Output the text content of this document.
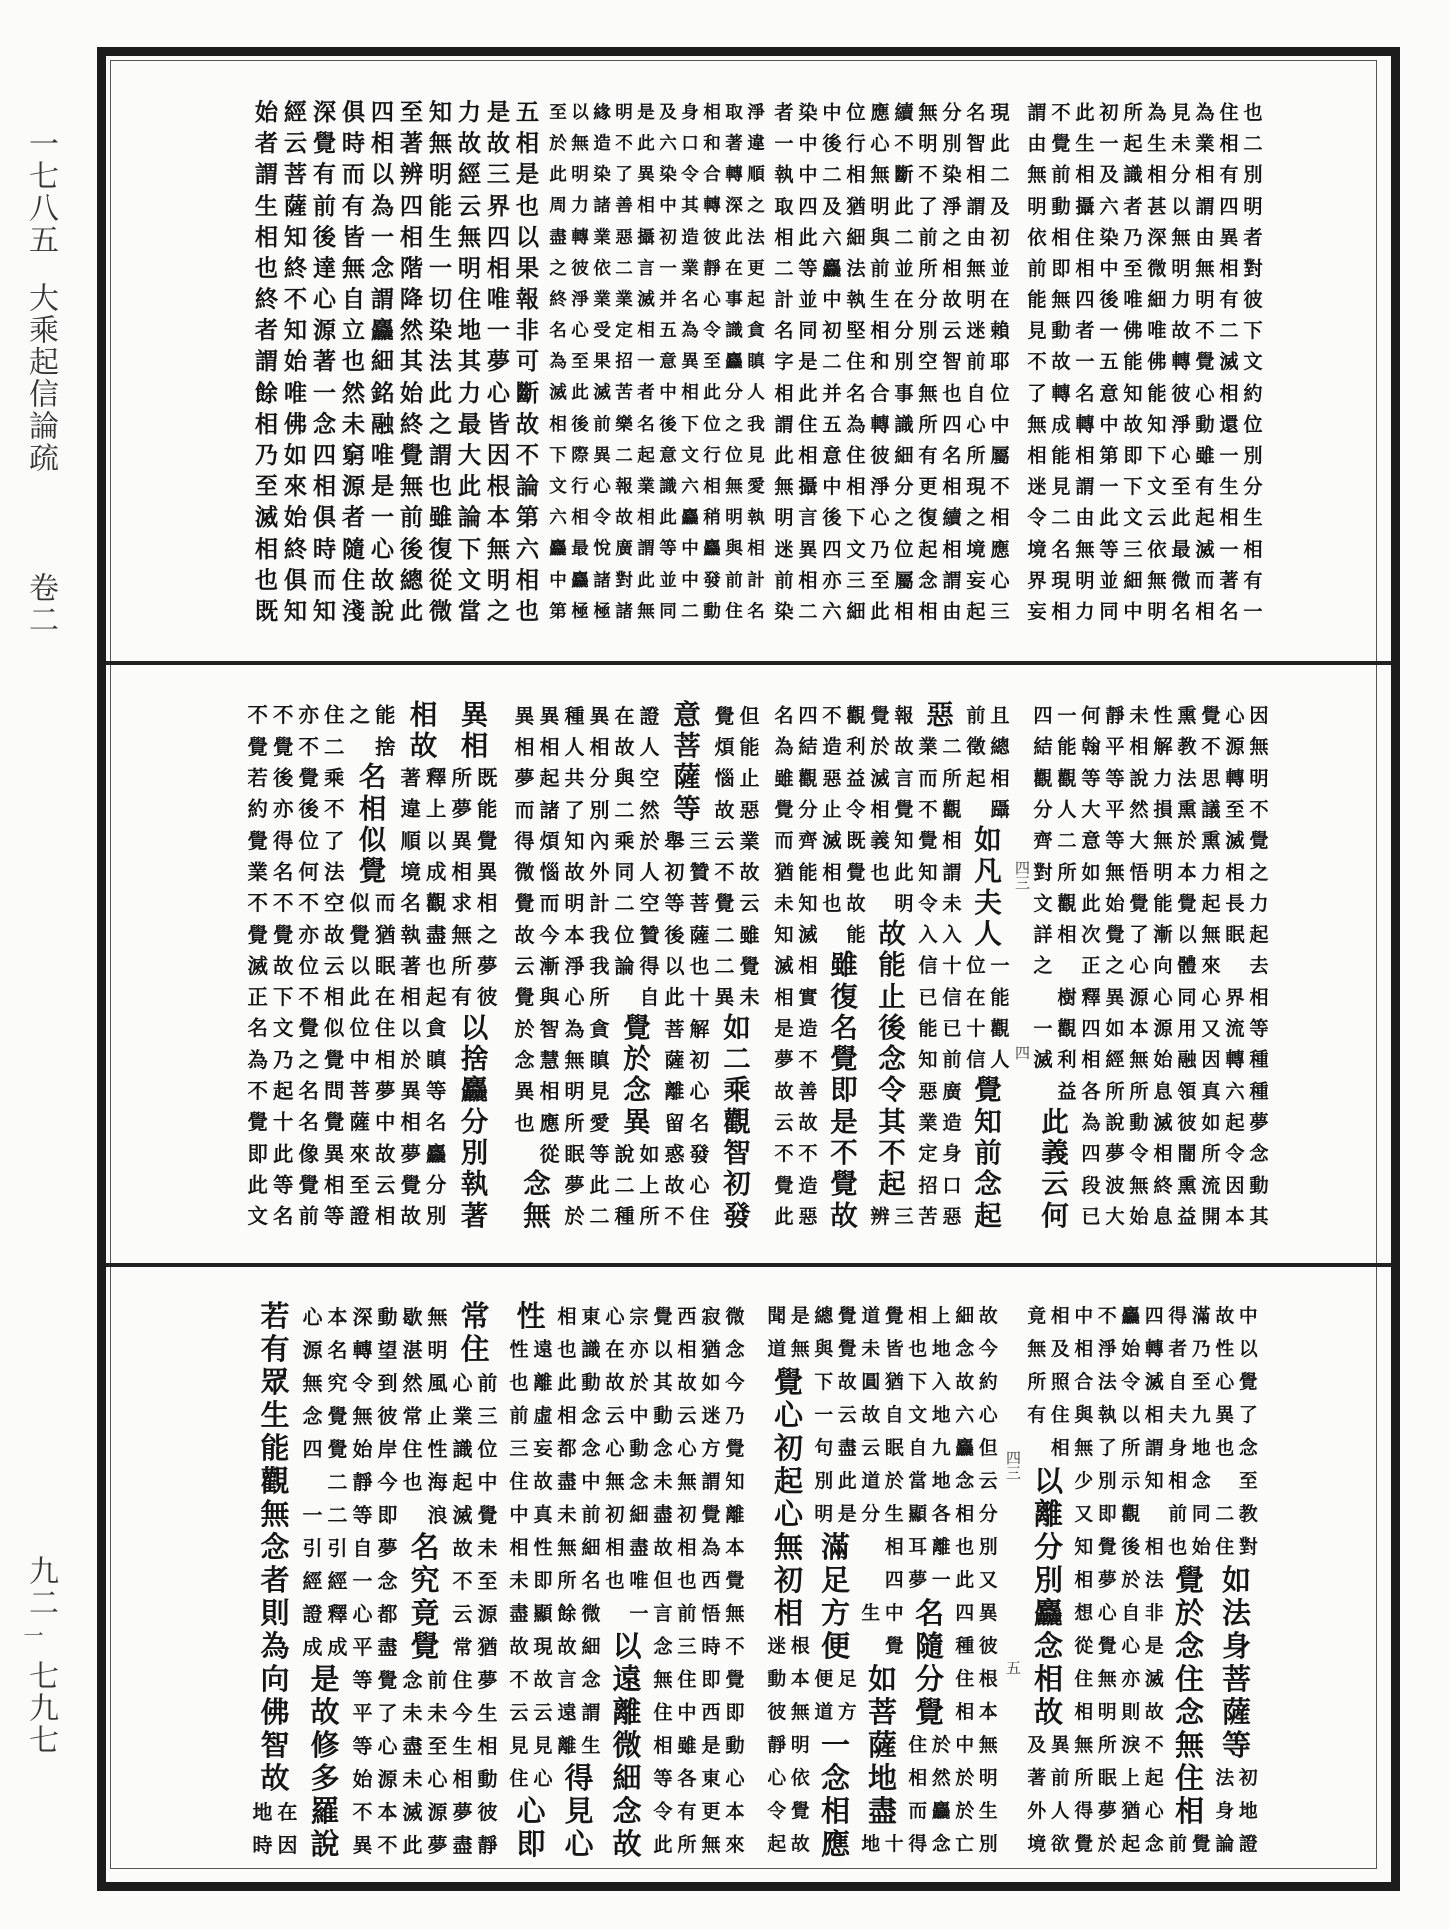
一七八五
大乘起信論疏
卷二
九二
一
七九七
謂 不 此 初 所 為 見 為 住 也
由 覺 生 一 起 生 未 業 相 二
無 前 相 及 識 相 分 相 有 別
明 動 攝 六 者 甚 以 謂 四 明
依 相 住 染 乃 深 無 由 異 者
前 即 相 中 至 微 明 無 相 對
能 無 四 後 唯 細 力 明 有 彼
見 動 者 一 佛 唯 故 不 二 下
不 故 一 五 能 佛 轉 覺 滅 文
了 轉 名 意 知 能 彼 心 相 約
無 成 轉 中 故 知 淨 動 還 位
相 能 相 第 即 下 心 雖 一 別
迷 見 謂 一 下 文 至 有 生 分
令 二 由 此 文 云 此 起 相 生
境 名 無 等 三 依 最 滅 一 相
界 現 明 並 細 無 微 而 著 有
妄 相 力 同 中 明 名 相 名 一
者 染 中 位 應 續 無 分 名 現
一 中 後 行 心 不 明 別 智 此
執 中 二 相 無 斷 不 染 相 二
取 四 及 猶 明 此 了 淨 謂 及
相 此 六 細 與 二 前 之 由 初
二 等 麤 法 前 並 所 相 無 並
計 並 中 執 生 在 分 故 明 在
名 同 初 堅 相 分 別 云 迷 賴
字 是 二 住 和 別 空 智 前 耶
相 此 并 名 合 事 無 也 自 位
謂 住 五 為 轉 識 所 四 心 中
此 相 意 住 彼 細 有 名 所 屬
無 攝 中 相 淨 分 更 相 現 不
明 言 後 下 心 之 復 續 之 相
迷 異 四 文 乃 位 起 相 境 應
前 相 亦 三 至 屬 念 謂 妄 心
染 二 六 細 此 相 相 由 起 三
至 以 緣 明 是 及 身 相 取 淨
於 無 造 不 此 六 口 和 著 違
此 明 染 了 異 染 令 合 轉 順
周 力 諸 善 相 中 其 轉 深 之
盡 轉 業 惡 攝 初 造 彼 此 法
之 彼 依 二 言 一 業 靜 在 更
終 淨 業 業 滅 并 名 心 事 起
名 心 受 定 相 五 為 令 識 貪
為 至 果 招 一 意 異 至 麤 瞋
滅 此 滅 苦 者 中 相 此 分 人
相 後 前 樂 名 後 下 位 之 我
下 際 異 二 起 意 文 行 位 見
文 行 心 報 業 識 六 相 無 愛
六 相 令 故 相 此 麤 稍 明 執
麤 最 悅 廣 謂 等 中 麤 與 相
中 麤 諸 對 此 並 中 發 前 計
第 極 極 諸 無 同 二 動 住 名
始 經 深 俱 四 至 知 力 是 五
者 云 覺 時 相 著 無 故 故 相
謂 菩 有 而 以 辨 明 經 三 是
生 薩 前 有 為 四 能 云 界 也
相 知 後 皆 一 相 生 無 四 以
也 終 達 無 念 階 一 明 相 果
終 不 心 自 謂 降 切 住 唯 報
者 知 源 立 麤 然 染 地 一 非
謂 始 著 也 細 其 法 其 夢 可
餘 唯 一 然 銘 始 此 力 心 斷
相 佛 念 未 融 終 之 最 皆 故
乃 如 四 窮 唯 覺 謂 大 因 不
至 來 相 源 是 無 也 此 根 論
滅 始 俱 者 一 前 雖 論 本 第
相 終 時 隨 心 後 復 下 無 六
也 俱 而 住 故 總 從 文 明 相
既 知 知 淺 說 此 微 當 之 也
四 一 何 靜 未 性 熏 覺 心 因
結 能 翰 平 相 解 教 不 源 無
觀 觀 等 等 說 力 法 思 轉 明
分 人 大 平 然 損 熏 議 至 不
齊 二 意 等 大 無 於 熏 滅 覺
對 所 如 無 悟 明 本 力 相 之
文 觀 此 始 覺 能 覺 起 長 力
詳 相 次 覺 了 漸 以 無 眠 起
之 正 之 心 向 體 來 去
樹 釋 異 源 心 同 心 界 相
一 觀 四 如 本 源 用 又 流 等
滅 利 相 經 無 始 融 因 轉 種
益 各 所 所 息 領 真 六 種
此 為 說 動 滅 彼 如 起 夢
義 四 夢 令 相 闇 所 令 念
云 段 波 無 終 熏 流 因 動
何 已 大 始 息 益 開 本 其
名 四 不 觀 覺 報 惡 前 且
為 結 造 利 於 故 業 二 徵 總
雖 觀 惡 益 滅 言 而 所 起 相
覺 分 止 令 相 覺 不 觀 躡
而 齊 滅 既 義 知 覺 相 如
猶 能 相 覺 也 此 知 謂 凡
未 知 也 故 明 令 未 夫
知 滅 能 故 入 入 人
滅 相 雖 能 信 十 位 一
相 實 復 止 已 信 在 能
是 造 名 後 能 已 十 觀
夢 不 覺 念 知 前 信 人
故 善 即 令 惡 廣 覺
云 故 是 其 業 造 知
不 不 不 不 定 身 前
覺 造 覺 起 招 口 念
此 惡 故 辨 三 苦 惡 起
異 異 種 異 在 證 意 覺 但
相 相 人 相 故 人 菩 煩 能
夢 起 共 分 與 空 薩 惱 止
而 諸 了 別 二 然 等 故 惡
得 煩 知 內 乘 於 舉 三 云 業
微 惱 故 外 同 人 初 贊 不 故
覺 而 明 計 二 空 等 菩 覺 云
故 今 本 我 位 贊 後 薩 二 雖
云 漸 淨 我 論 得 以 也 二 覺
覺 與 心 所 自 此 十 異 未
於 智 為 貪 覺 菩 解 如
念 慧 無 瞋 於 薩 初 二
異 相 明 見 念 離 心 乘
也 應 所 愛 異 留 名 觀
從 眠 等 說 如 惑 發 智
念 夢 此 二 上 故 心 初
無 於 二 種 所 不 住 發
不 不 亦 住 之 能 相 異
覺 覺 不 二 捨 故 相
若 後 覺 乘 名 著 釋 所 既
約 亦 後 不 相 違 上 夢 能
覺 得 位 了 似 順 以 異 覺
業 名 何 法 覺 境 成 相 異
不 不 不 空 似 而 名 觀 求 相
覺 覺 亦 故 覺 猶 執 盡 無 之
滅 故 位 云 以 眠 著 也 所 夢
正 下 不 相 此 在 相 起 有 彼
名 文 覺 似 位 住 以 貪 以
為 乃 之 覺 中 相 於 瞋 捨
不 起 名 問 菩 夢 異 等 麤
覺 十 名 覺 薩 中 相 名 分
即 此 像 異 來 故 夢 麤 別
此 等 覺 相 至 云 覺 分 執
文 名 前 等 證 相 故 別 著
四三
四
竟 相 中 不 麤 四 得 滿 故 中
無 及 相 淨 始 轉 者 乃 性 以
所 照 合 法 令 滅 自 至 心 覺
有 住 與 執 以 相 夫 九 異 了
相 無 了 所 謂 身 地 也 念
以 少 別 示 知 相 念 至
離 又 即 觀 前 同 二 教
分 知 覺 後 相 也 始 住 對
別 相 夢 於 法 覺 如
麤 想 心 自 非 於 法
念 從 覺 心 是 念 身
相 住 無 亦 滅 住 菩
故 相 明 則 故 念 薩
及 異 無 所 淚 不 無 等
著 前 所 眠 上 起 住 法 初
外 人 得 夢 猶 心 相 身 地
境 欲 覺 於 起 念 前 覺 論 證
聞 是 總 覺 道 覺 相 上 細 故
道 無 與 覺 未 皆 也 地 念 今
覺 下 故 圓 猶 下 入 故 約
心 一 云 故 自 文 地 六 心
初 句 盡 云 眠 自 九 麤 但
起 別 此 道 於 當 地 念 云
心 明 是 分 生 顯 各 相 分
無 滿	相 耳 離 也 別
初 足	四 夢 一 此 又
相 方 生 中 名 四 異
迷 根 便	覺 隨 種 彼
動 本 便 足 如 分 住 根
彼 無 道 方 菩 覺 相 本
靜 明 一 薩 住 於 中 無
心 依 念 地 相 然 於 明
令 覺 相 盡 而 麤 於 生
起 故 應 地 十 得 念 亡 別
性 相 東 心 宗 覺 西 寂 微
性 遠 也 識 在 亦 以 相 猶 念
也 離 此 動 故 於 其 故 如 今
前 虛 相 念 云 中 動 云 迷 乃
三 妄 都 念 心 動 念 心 方 覺
住 故 盡 中 無 念 未 無 謂 知
中 真 未 前 初 細 盡 初 覺 離
相 性 無 細 相 盡 故 相 為 本
未 即 所 名 也 唯 但 也 西 覺
盡 顯 餘 微 一 言 前 悟 無
故 現 故 細 以 念 三 時 不
不 故 言 念 遠 無 住 即 覺
云 云 遠 謂 離 住 中 西 即
見 見 離 生 微 相 雖 是 動
住 心 得 細 等 各 東 心
心 見 念 令 有 更 本
即 心 故 此 所 無 來
若 心 本 深 動 歇 無 常
有 源 名 轉 望 湛 明 住
眾 無 究 令 到 然 風 心 前
生 念 覺 無 彼 常 止 業 三
能 四 覺 始 岸 住 性 識 位
觀	二 靜 今 也 海 起 中
無 一 二 等 即 浪 滅 覺
念 引 引 自 夢 名 故 未
者 經 經 一 念 究 不 至
則 證 釋 心 都 竟 云 源
為 成 成 平 盡 覺 常 猶
向 是 等 覺 念 前 住 夢
佛 故 平 了 未 未 今 生
智 修 等 心 盡 至 生 相
故 多 始 源 未 心 相 動
地 在 羅 不 本 滅 源 夢 彼
時 因 說 異 不 此 夢 盡 靜
四三
五
